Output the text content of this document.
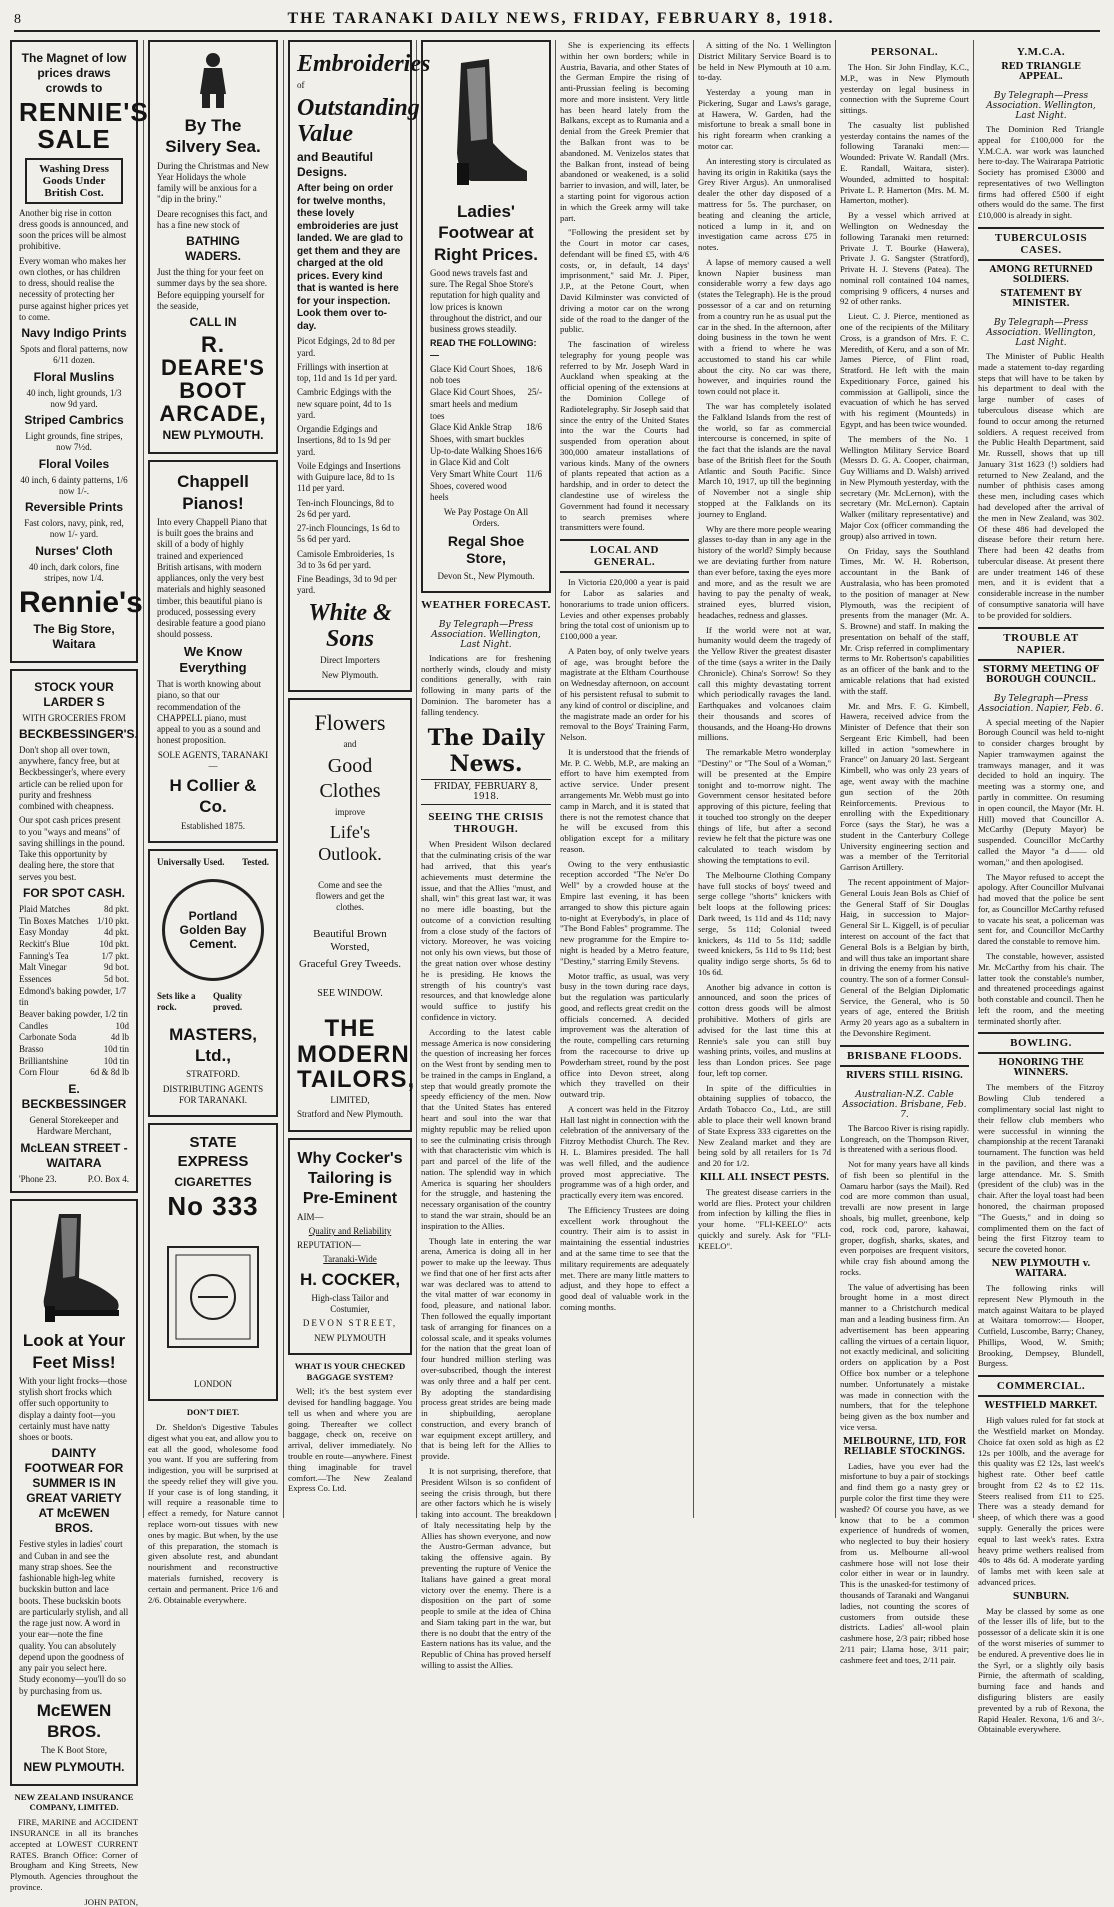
8	THE TARANAKI DAILY NEWS, FRIDAY, FEBRUARY 8, 1918.

The Magnet of low prices draws crowds to

RENNIE'S SALE

Washing Dress Goods Under British Cost.

Another big rise in cotton dress goods is announced, and soon the prices will be almost prohibitive.

Every woman who makes her own clothes, or has children to dress, should realise the necessity of protecting her purse against higher prices yet to come.

Navy Indigo Prints

Spots and floral patterns, now 6/11 dozen.

Floral Muslins

40 inch, light grounds, 1/3 now 9d yard.

Striped Cambrics

Light grounds, fine stripes, now 7½d.

Floral Voiles

40 inch, 6 dainty patterns, 1/6 now 1/-.

Reversible Prints

Fast colors, navy, pink, red, now 1/- yard.

Nurses' Cloth

40 inch, dark colors, fine stripes, now 1/4.

Rennie's

The Big Store, Waitara

STOCK YOUR LARDER S

WITH GROCERIES FROM

BECKBESSINGER'S.

Don't shop all over town, anywhere, fancy free, but at Beckbessinger's, where every article can be relied upon for purity and freshness combined with cheapness.

Our spot cash prices present to you "ways and means" of saving shillings in the pound. Take this opportunity by dealing here, the store that serves you best.

FOR SPOT CASH.

Plaid Matches	8d pkt.
Tin Boxes Matches 1/10 pkt.
Easy Monday	4d pkt.
Reckitt's Blue	10d pkt.
Fanning's Tea	1/7 pkt.
Malt Vinegar	9d bot.
Essences	5d bot.
Edmond's baking powder, 1/7 tin
Beaver baking powder, 1/2 tin
Candles	10d
Carbonate Soda	4d lb
Brasso	10d tin
Brilliantshine	10d tin
Corn Flour	6d & 8d lb

E. BECKBESSINGER

General Storekeeper and Hardware Merchant,

McLEAN STREET - WAITARA

'Phone 23.	P.O. Box 4.

Look at Your Feet Miss!

With your light frocks—those stylish short frocks which offer such opportunity to display a dainty foot—you certainly must have natty shoes or boots.

DAINTY FOOTWEAR FOR SUMMER IS IN GREAT VARIETY AT McEWEN BROS.

Festive styles in ladies' court and Cuban in and see the many strap shoes. See the fashionable high-leg white buckskin button and lace boots. These buckskin boots are particularly stylish, and all the rage just now. A word in your ear—note the fine quality. You can absolutely depend upon the goodness of any pair you select here. Study economy—you'll do so by purchasing from us.

McEWEN BROS.

The K Boot Store,

NEW PLYMOUTH.

NEW ZEALAND INSURANCE COMPANY, LIMITED.

FIRE, MARINE and ACCIDENT INSURANCE in all its branches accepted at LOWEST CURRENT RATES. Branch Office: Corner of Brougham and King Streets, New Plymouth. Agencies throughout the province.

JOHN PATON,

By The Silvery Sea.

During the Christmas and New Year Holidays the whole family will be anxious for a "dip in the briny."

Deare recognises this fact, and has a fine new stock of

BATHING WADERS.

Just the thing for your feet on summer days by the sea shore. Before equipping yourself for the seaside,

CALL IN

R. DEARE'S BOOT ARCADE,

NEW PLYMOUTH.

Chappell Pianos!

Into every Chappell Piano that is built goes the brains and skill of a body of highly trained and experienced British artisans, with modern appliances, only the very best materials and highly seasoned timber, this beautiful piano is produced, possessing every desirable feature a good piano should possess.

We Know Everything

That is worth knowing about piano, so that our recommendation of the CHAPPELL piano, must appeal to you as a sound and honest proposition.

SOLE AGENTS, TARANAKI—

H Collier & Co.

Established 1875.

Universally Used. Tested.
Portland Golden Bay Cement.
Sets like a rock.
Quality proved.

MASTERS, Ltd.,

STRATFORD.

DISTRIBUTING AGENTS FOR TARANAKI.

STATE EXPRESS

CIGARETTES

No 333

LONDON

DON'T DIET.

Dr. Sheldon's Digestive Tabules digest what you eat, and allow you to eat all the good, wholesome food you want. If you are suffering from indigestion, you will be surprised at the speedy relief they will give you. If your case is of long standing, it will require a reasonable time to effect a remedy, for Nature cannot replace worn-out tissues with new ones by magic. But when, by the use of this preparation, the stomach is given absolute rest, and abundant nourishment and reconstructive materials furnished, recovery is certain and permanent. Price 1/6 and 2/6. Obtainable everywhere.

Embroideries

of

Outstanding Value

and Beautiful Designs.

After being on order for twelve months, these lovely embroideries are just landed. We are glad to get them and they are charged at the old prices. Every kind that is wanted is here for your inspection. Look them over to-day.

Picot Edgings, 2d to 8d per yard.

Frillings with insertion at top, 11d and 1s 1d per yard.

Cambric Edgings with the new square point, 4d to 1s yard.

Organdie Edgings and Insertions, 8d to 1s 9d per yard.

Voile Edgings and Insertions with Guipure lace, 8d to 1s 11d per yard.

Ten-inch Flouncings, 8d to 2s 6d per yard.

27-inch Flouncings, 1s 6d to 5s 6d per yard.

Camisole Embroideries, 1s 3d to 3s 6d per yard.

Fine Beadings, 3d to 9d per yard.

White & Sons

Direct Importers

New Plymouth.

Flowers

and

Good Clothes

improve

Life's Outlook.

Come and see the flowers and get the clothes.

Beautiful Brown Worsted,

Graceful Grey Tweeds.

SEE WINDOW.

THE MODERN TAILORS,

LIMITED,

Stratford and New Plymouth.

Why Cocker's Tailoring is Pre-Eminent

AIM—

Quality and Reliability

REPUTATION—

Taranaki-Wide

H. COCKER,

High-class Tailor and Costumier,

DEVON STREET,

NEW PLYMOUTH

WHAT IS YOUR CHECKED BAGGAGE SYSTEM?

Well; it's the best system ever devised for handling baggage. You tell us when and where you are going. Thereafter we collect baggage, check on, receive on arrival, deliver immediately. No trouble en route—anywhere. Finest thing imaginable for travel comfort.—The New Zealand Express Co. Ltd.

Ladies' Footwear at Right Prices.

Good news travels fast and sure. The Regal Shoe Store's reputation for high quality and low prices is known throughout the district, and our business grows steadily.

READ THE FOLLOWING:—

Glace Kid Court Shoes, nob toes
18/6
Glace Kid Court Shoes, smart heels and medium toes
25/-
Glace Kid Ankle Strap Shoes, with smart buckles
18/6
Up-to-date Walking Shoes in Glace Kid and Colt
16/6
Very Smart White Court Shoes, covered wood heels
11/6

We Pay Postage On All Orders.

Regal Shoe Store,

Devon St., New Plymouth.

WEATHER FORECAST.

By Telegraph—Press Association. Wellington, Last Night.

Indications are for freshening northerly winds, cloudy and misty conditions generally, with rain following in many parts of the Dominion. The barometer has a falling tendency.

The Daily News.
FRIDAY, FEBRUARY 8, 1918.
SEEING THE CRISIS THROUGH.

When President Wilson declared that the culminating crisis of the war had arrived, that this year's achievements must determine the issue, and that the Allies "must, and shall, win" this great last war, it was no mere idle boasting, but the outcome of a conviction resulting from a close study of the factors of victory. Moreover, he was voicing not only his own views, but those of the great nation over whose destiny he is presiding. He knows the strength of his country's vast resources, and that knowledge alone would suffice to justify his confidence in victory.

According to the latest cable message America is now considering the question of increasing her forces on the West front by sending men to be trained in the camps in England, a step that would greatly promote the speedy efficiency of the men. Now that the United States has entered heart and soul into the war that mighty republic may be relied upon to see the culminating crisis through with that characteristic vim which is part and parcel of the life of the nation. The splendid way in which America is squaring her shoulders for the struggle, and hastening the necessary organisation of the country to stand the war strain, should be an inspiration to the Allies.

Though late in entering the war arena, America is doing all in her power to make up the leeway. Thus we find that one of her first acts after war was declared was to attend to the vital matter of war economy in food, pleasure, and national labor. Then followed the equally important task of arranging for finances on a colossal scale, and it speaks volumes for the nation that the great loan of four hundred million sterling was over-subscribed, though the interest was only three and a half per cent. By adopting the standardising process great strides are being made in shipbuilding, aeroplane construction, and every branch of war equipment except artillery, and that is being left for the Allies to provide.

It is not surprising, therefore, that President Wilson is so confident of seeing the crisis through, but there are other factors which he is wisely taking into account. The breakdown of Italy necessitating help by the Allies has shown everyone, and now the Austro-German advance, but taking the offensive again. By preventing the rupture of Venice the Italians have gained a great moral victory over the enemy. There is a disposition on the part of some people to smile at the idea of China and Siam taking part in the war, but there is no doubt that the entry of the Eastern nations has its value, and the Republic of China has proved herself willing to assist the Allies.

She is experiencing its effects within her own borders; while in Austria, Bavaria, and other States of the German Empire the rising of anti-Prussian feeling is becoming more and more insistent. Very little has been heard lately from the Balkans, except as to Rumania and a denial from the Greek Premier that the Balkan front was to be abandoned. M. Venizelos states that the Balkan front, instead of being abandoned or weakened, is a solid barrier to invasion, and will, later, be a starting point for vigorous action in which the Greek army will take part.

"Following the president set by the Court in motor car cases, defendant will be fined £5, with 4/6 costs, or, in default, 14 days' imprisonment," said Mr. J. Piper, J.P., at the Petone Court, when David Kilminster was convicted of driving a motor car on the wrong side of the road to the danger of the public.

The fascination of wireless telegraphy for young people was referred to by Mr. Joseph Ward in Auckland when speaking at the official opening of the extensions at the Dominion College of Radiotelegraphy. Sir Joseph said that since the entry of the United States into the war the Courts had suspended from operation about 300,000 amateur installations of various kinds. Many of the owners of plants repeated that action as a hardship, and in order to detect the clandestine use of wireless the Government had found it necessary to search premises where transmitters were found.

LOCAL AND GENERAL.

In Victoria £20,000 a year is paid for Labor as salaries and honorariums to trade union officers. Levies and other expenses probably bring the total cost of unionism up to £100,000 a year.

A Paten boy, of only twelve years of age, was brought before the magistrate at the Eltham Courthouse on Wednesday afternoon, on account of his persistent refusal to submit to any kind of control or discipline, and the magistrate made an order for his removal to the Boys' Training Farm, Nelson.

It is understood that the friends of Mr. P. C. Webb, M.P., are making an effort to have him exempted from active service. Under present arrangements Mr. Webb must go into camp in March, and it is stated that there is not the remotest chance that he will be excused from this obligation except for a military reason.

Owing to the very enthusiastic reception accorded "The Ne'er Do Well" by a crowded house at the Empire last evening, it has been arranged to show this picture again to-night at Everybody's, in place of "The Bond Fables" programme. The new programme for the Empire to-night is headed by a Metro feature, "Destiny," starring Emily Stevens.

Motor traffic, as usual, was very busy in the town during race days, but the regulation was particularly good, and reflects great credit on the officials concerned. A decided improvement was the alteration of the route, compelling cars returning from the racecourse to drive up Powderham street, round by the post office into Devon street, along which they travelled on their outward trip.

A concert was held in the Fitzroy Hall last night in connection with the celebration of the anniversary of the Fitzroy Methodist Church. The Rev. H. L. Blamires presided. The hall was well filled, and the audience proved most appreciative. The programme was of a high order, and practically every item was encored.

The Efficiency Trustees are doing excellent work throughout the country. Their aim is to assist in maintaining the essential industries and at the same time to see that the military requirements are adequately met. There are many little matters to adjust, and they hope to effect a good deal of valuable work in the coming months.

A sitting of the No. 1 Wellington District Military Service Board is to be held in New Plymouth at 10 a.m. to-day.

Yesterday a young man in Pickering, Sugar and Laws's garage, at Hawera, W. Garden, had the misfortune to break a small bone in his right forearm when cranking a motor car.

An interesting story is circulated as having its origin in Rakitika (says the Grey River Argus). An unmoralised dealer the other day disposed of a mattress for 5s. The purchaser, on beating and cleaning the article, noticed a lump in it, and on investigation came across £75 in notes.

A lapse of memory caused a well known Napier business man considerable worry a few days ago (states the Telegraph). He is the proud possessor of a car and on returning from a country run he as usual put the car in the shed. In the afternoon, after doing business in the town he went with a friend to where he was accustomed to stand his car while about the city. No car was there, however, and inquiries round the town could not place it.

The war has completely isolated the Falkland Islands from the rest of the world, so far as commercial intercourse is concerned, in spite of the fact that the islands are the naval base of the British fleet for the South Atlantic and South Pacific. Since March 10, 1917, up till the beginning of November not a single ship stopped at the Falklands on its journey to England.

Why are there more people wearing glasses to-day than in any age in the history of the world? Simply because we are deviating further from nature than ever before, taxing the eyes more and more, and as the result we are having to pay the penalty of weak, strained eyes, blurred vision, headaches, redness and glasses.

If the world were not at war, humanity would deem the tragedy of the Yellow River the greatest disaster of the time (says a writer in the Daily Chronicle). China's Sorrow! So they call this mighty devastating torrent which periodically ravages the land. Earthquakes and volcanoes claim their thousands and scores of thousands, and the Hoang-Ho drowns millions.

The remarkable Metro wonderplay "Destiny" or "The Soul of a Woman," will be presented at the Empire tonight and to-morrow night. The Government censor hesitated before approving of this picture, feeling that it touched too strongly on the deeper things of life, but after a second review he felt that the picture was one calculated to teach wisdom by showing the temptations to evil.

The Melbourne Clothing Company have full stocks of boys' tweed and serge college "shorts" knickers with belt loops at the following prices: Dark tweed, 1s 11d and 4s 11d; navy serge, 5s 11d; Colonial tweed knickers, 4s 11d to 5s 11d; saddle tweed knickers, 5s 11d to 9s 11d; best quality indigo serge shorts, 5s 6d to 10s 6d.

Another big advance in cotton is announced, and soon the prices of cotton dress goods will be almost prohibitive. Mothers of girls are advised for the last time this at Rennie's sale you can still buy washing prints, voiles, and muslins at less than London prices. See page four, left top corner.

In spite of the difficulties in obtaining supplies of tobacco, the Ardath Tobacco Co., Ltd., are still able to place their well known brand of State Express 333 cigarettes on the New Zealand market and they are being sold by all retailers for 1s 7d and 20 for 1/2.

KILL ALL INSECT PESTS.

The greatest disease carriers in the world are flies. Protect your children from infection by killing the flies in your home. "FLI-KEELO" acts quickly and surely. Ask for "FLI-KEELO".

PERSONAL.

The Hon. Sir John Findlay, K.C., M.P., was in New Plymouth yesterday on legal business in connection with the Supreme Court sittings.

The casualty list published yesterday contains the names of the following Taranaki men:—Wounded: Private W. Randall (Mrs. E. Randall, Waitara, sister). Wounded, admitted to hospital: Private L. P. Hamerton (Mrs. M. M. Hamerton, mother).

By a vessel which arrived at Wellington on Wednesday the following Taranaki men returned: Private J. T. Bourke (Hawera), Private J. G. Sangster (Stratford), Private H. J. Stevens (Patea). The nominal roll contained 104 names, comprising 9 officers, 4 nurses and 92 of other ranks.

Lieut. C. J. Pierce, mentioned as one of the recipients of the Military Cross, is a grandson of Mrs. F. C. Meredith, of Keru, and a son of Mr. James Pierce, of Flint road, Stratford. He left with the main Expeditionary Force, gained his commission at Gallipoli, since the evacuation of which he has served with his regiment (Mounteds) in Egypt, and has been twice wounded.

The members of the No. 1 Wellington Military Service Board (Messrs D. G. A. Cooper, chairman, Guy Williams and D. Walsh) arrived in New Plymouth yesterday, with the secretary (Mr. McLernon), with the secretary (Mr. McLernon). Captain Walker (military representative) and Major Cox (officer commanding the group) also arrived in town.

On Friday, says the Southland Times, Mr. W. H. Robertson, accountant in the Bank of Australasia, who has been promoted to the position of manager at New Plymouth, was the recipient of presents from the manager (Mr. A. S. Browne) and staff. In making the presentation on behalf of the staff, Mr. Crisp referred in complimentary terms to Mr. Robertson's capabilities as an officer of the bank and to the amicable relations that had existed with the staff.

Mr. and Mrs. F. G. Kimbell, Hawera, received advice from the Minister of Defence that their son Sergeant Eric Kimbell, had been killed in action "somewhere in France" on January 20 last. Sergeant Kimbell, who was only 23 years of age, went away with the machine gun section of the 20th Reinforcements. Previous to enrolling with the Expeditionary Force (says the Star), he was a student in the Canterbury College University engineering section and was a member of the Territorial Garrison Artillery.

The recent appointment of Major-General Louis Jean Bols as Chief of the General Staff of Sir Douglas Haig, in succession to Major-General Sir L. Kiggell, is of peculiar interest on account of the fact that General Bols is a Belgian by birth, and will thus take an important share in driving the enemy from his native country. The son of a former Consul-General of the Belgian Diplomatic Service, the General, who is 50 years of age, entered the British Army 20 years ago as a subaltern in the Devonshire Regiment.

BRISBANE FLOODS.

RIVERS STILL RISING.

Australian-N.Z. Cable Association. Brisbane, Feb. 7.

The Barcoo River is rising rapidly. Longreach, on the Thompson River, is threatened with a serious flood.

Not for many years have all kinds of fish been so plentiful in the Oamaru harbor (says the Mail). Red cod are more common than usual, trevalli are now present in large shoals, big mullet, greenbone, kelp cod, rock cod, parore, kahawai, groper, dogfish, sharks, skates, and even porpoises are frequent visitors, while cray fish abound among the rocks.

The value of advertising has been brought home in a most direct manner to a Christchurch medical man and a leading business firm. An advertisement has been appearing calling the virtues of a certain liquor, not exactly medicinal, and soliciting orders on application by a Post Office box number or a telephone number. Unfortunately a mistake was made in connection with the numbers, that for the telephone being given as the box number and vice versa.

MELBOURNE, LTD, FOR RELIABLE STOCKINGS.

Ladies, have you ever had the misfortune to buy a pair of stockings and find them go a nasty grey or purple color the first time they were washed? Of course you have, as we know that to be a common experience of hundreds of women, who neglected to buy their hosiery from us. Melbourne all-wool cashmere hose will not lose their color either in wear or in laundry. This is the unasked-for testimony of thousands of Taranaki and Wanganui ladies, not counting the scores of customers from outside these districts. Ladies' all-wool plain cashmere hose, 2/3 pair; ribbed hose 2/11 pair; Llama hose, 3/11 pair; cashmere feet and toes, 2/11 pair.

Y.M.C.A.

RED TRIANGLE APPEAL.

By Telegraph—Press Association. Wellington, Last Night.

The Dominion Red Triangle appeal for £100,000 for the Y.M.C.A. war work was launched here to-day. The Wairarapa Patriotic Society has promised £3000 and representatives of two Wellington firms had offered £500 if eight others would do the same. The first £10,000 is already in sight.

TUBERCULOSIS CASES.

AMONG RETURNED SOLDIERS.

STATEMENT BY MINISTER.

By Telegraph—Press Association. Wellington, Last Night.

The Minister of Public Health made a statement to-day regarding steps that will have to be taken by his department to deal with the large number of cases of tuberculous disease which are found to occur among the returned soldiers. A request received from the Public Health Department, said Mr. Russell, shows that up till January 31st 1623 (!) soldiers had returned to New Zealand, and the number of phthisis cases among these men, including cases which had developed after the arrival of the men in New Zealand, was 302. Of these 486 had developed the disease before their return here. There had been 42 deaths from tubercular disease. At present there are under treatment 146 of these men, and it is evident that a considerable increase in the number of consumptive sanatoria will have to be provided for soldiers.

TROUBLE AT NAPIER.

STORMY MEETING OF BOROUGH COUNCIL.

By Telegraph—Press Association. Napier, Feb. 6.

A special meeting of the Napier Borough Council was held to-night to consider charges brought by Napier tramwaymen against the tramways manager, and it was decided to hold an inquiry. The meeting was a stormy one, and partly in committee. On resuming in open council, the Mayor (Mr. H. Hill) moved that Councillor A. McCarthy (Deputy Mayor) be suspended. Councillor McCarthy called the Mayor "a d—— old woman," and then apologised.

The Mayor refused to accept the apology. After Councillor Mulvanai had moved that the police be sent for, as Councillor McCarthy refused to vacate his seat, a policeman was sent for, and Councillor McCarthy dared the constable to remove him.

The constable, however, assisted Mr. McCarthy from his chair. The latter took the constable's number, and threatened proceedings against both constable and council. Then he left the room, and the meeting terminated shortly after.

BOWLING.

HONORING THE WINNERS.

The members of the Fitzroy Bowling Club tendered a complimentary social last night to their fellow club members who were successful in winning the championship at the recent Taranaki tournament. The function was held in the pavilion, and there was a large attendance. Mr. S. Smith (president of the club) was in the chair. After the loyal toast had been honored, the chairman proposed "The Guests," and in doing so complimented them on the fact of being the first Fitzroy team to secure the coveted honor.

NEW PLYMOUTH v. WAITARA.

The following rinks will represent New Plymouth in the match against Waitara to be played at Waitara tomorrow:— Hooper, Cutfield, Luscombe, Barry; Chaney, Phillips, Wood, W. Smith; Brooking, Dempsey, Blundell, Burgess.

COMMERCIAL.

WESTFIELD MARKET.

High values ruled for fat stock at the Westfield market on Monday. Choice fat oxen sold as high as £2 12s per 100lb, and the average for this quality was £2 12s, last week's highest rate. Other beef cattle brought from £2 4s to £2 11s. Steers realised from £11 to £25. There was a steady demand for sheep, of which there was a good supply. Generally the prices were equal to last week's rates. Extra heavy prime wethers realised from 40s to 48s 6d. A moderate yarding of lambs met with keen sale at advanced prices.

SUNBURN.

May be classed by some as one of the lesser ills of life, but to the possessor of a delicate skin it is one of the worst miseries of summer to be endured. A preventive does lie in the Syrl, or a slightly oily basis Pirnie, the aftermath of scalding, burning face and hands and disfiguring blisters are easily prevented by a rub of Rexona, the Rapid Healer. Rexona, 1/6 and 3/-. Obtainable everywhere.
